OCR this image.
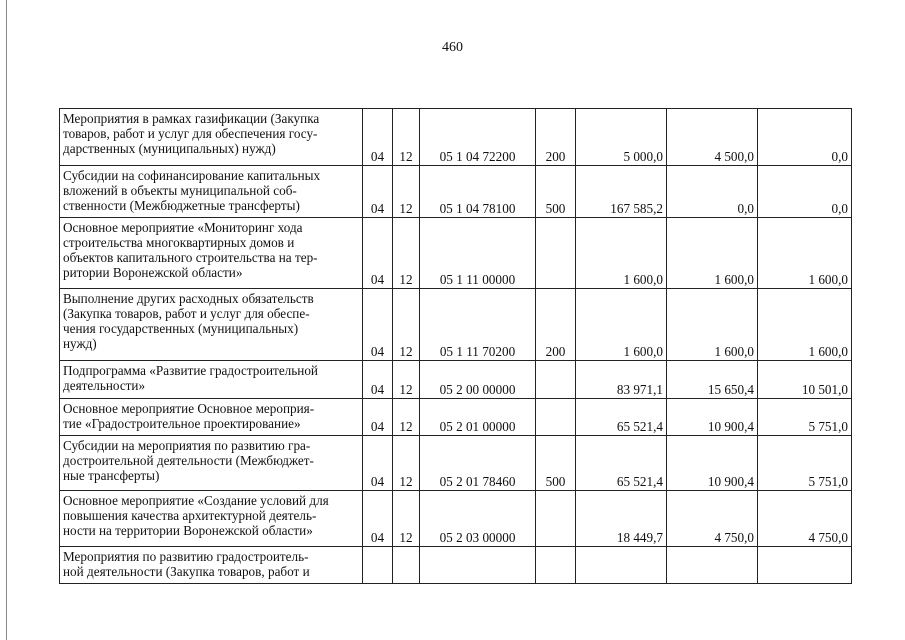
460
Мероприятия в рамках газификации (Закупка
товаров, работ и услуг для обеспечения госу-
дарственных (муниципальных) нужд)	04	12	05 1 04 72200	200	5 000,0	4 500,0	0,0

Субсидии на софинансирование капитальных
вложений в объекты муниципальной соб-
ственности (Межбюджетные трансферты)	04	12	05 1 04 78100	500	167 585,2	0,0	0,0

Основное мероприятие «Мониторинг хода
строительства многоквартирных домов и
объектов капитального строительства на тер-
ритории Воронежской области»	04	12	05 1 11 00000		1 600,0	1 600,0	1 600,0

Выполнение других расходных обязательств
(Закупка товаров, работ и услуг для обеспе-
чения государственных (муниципальных)
нужд)	04	12	05 1 11 70200	200	1 600,0	1 600,0	1 600,0

Подпрограмма «Развитие градостроительной
деятельности»	04	12	05 2 00 00000		83 971,1	15 650,4	10 501,0

Основное мероприятие Основное мероприя-
тие «Градостроительное проектирование»	04	12	05 2 01 00000		65 521,4	10 900,4	5 751,0

Субсидии на мероприятия по развитию гра-
достроительной деятельности (Межбюджет-
ные трансферты)	04	12	05 2 01 78460	500	65 521,4	10 900,4	5 751,0

Основное мероприятие «Создание условий для
повышения качества архитектурной деятель-
ности на территории Воронежской области»	04	12	05 2 03 00000		18 449,7	4 750,0	4 750,0

Мероприятия по развитию градостроитель-
ной деятельности (Закупка товаров, работ и							
